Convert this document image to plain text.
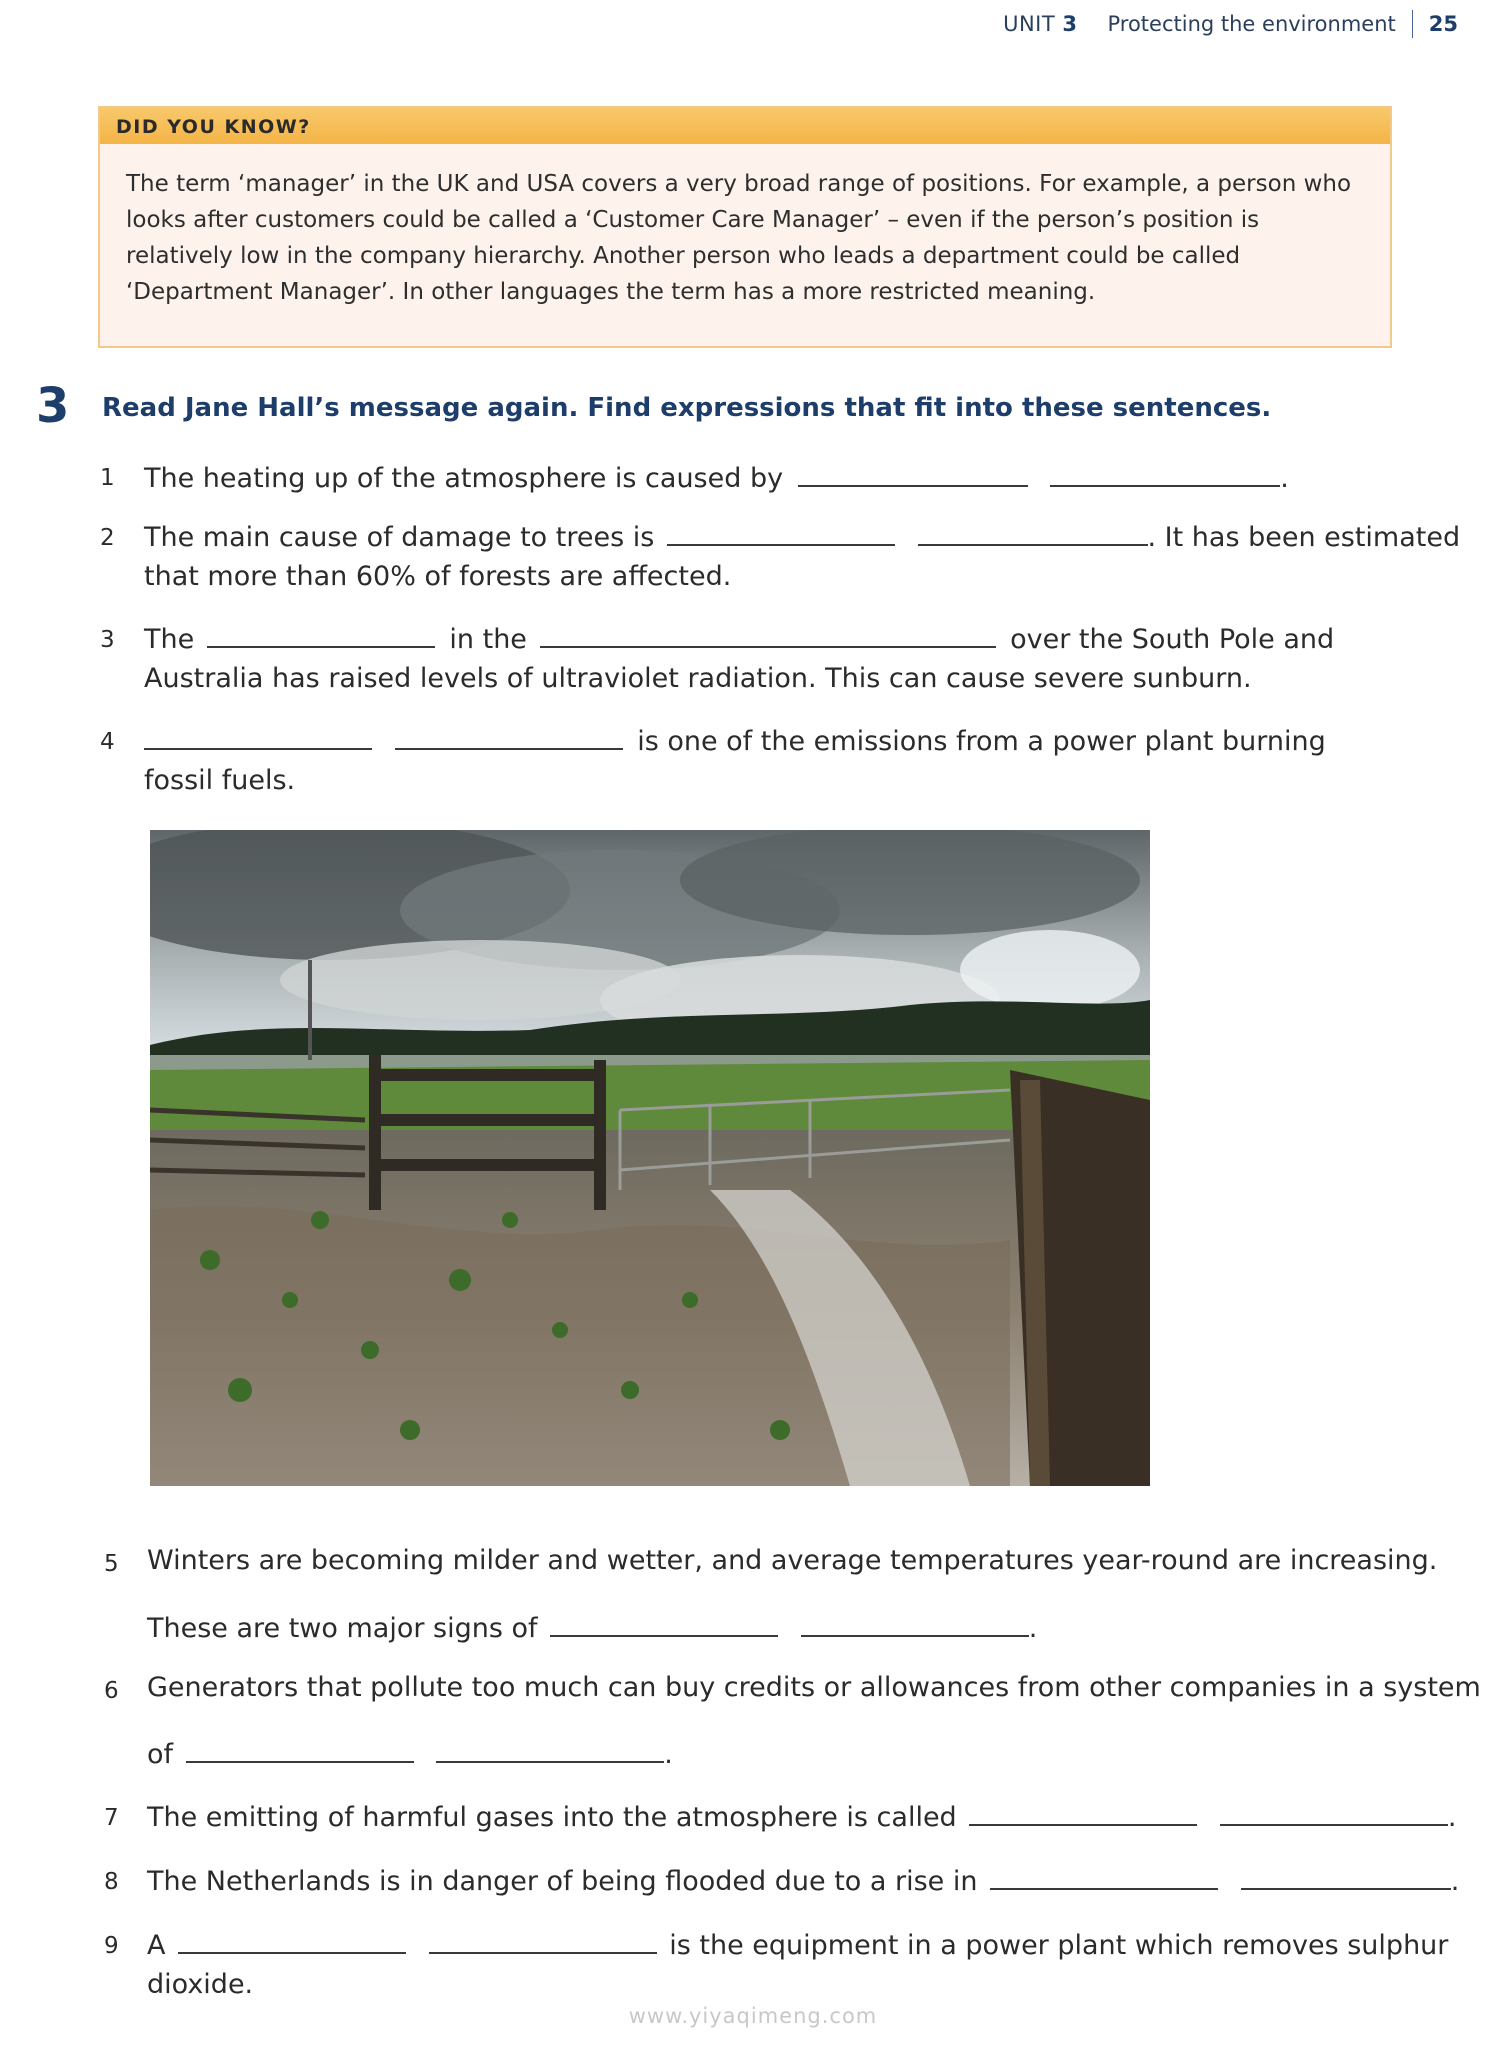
UNIT 3 Protecting the environment 25
DID YOU KNOW?
The term ‘manager’ in the UK and USA covers a very broad range of positions. For example, a person who
looks after customers could be called a ‘Customer Care Manager’ – even if the person’s position is
relatively low in the company hierarchy. Another person who leads a department could be called
‘Department Manager’. In other languages the term has a more restricted meaning.
3 Read Jane Hall’s message again. Find expressions that fit into these sentences.
1 The heating up of the atmosphere is caused by	.
2 The main cause of damage to trees is	. It has been estimated
that more than 60% of forests are affected.
3 The	in the	over the South Pole and
Australia has raised levels of ultraviolet radiation. This can cause severe sunburn.
4	is one of the emissions from a power plant burning
fossil fuels.
5 Winters are becoming milder and wetter, and average temperatures year-round are increasing.
These are two major signs of	.
6 Generators that pollute too much can buy credits or allowances from other companies in a system
of	.
7 The emitting of harmful gases into the atmosphere is called	.
8 The Netherlands is in danger of being flooded due to a rise in	.
9 A	is the equipment in a power plant which removes sulphur
dioxide.
www.yiyaqimeng.com
